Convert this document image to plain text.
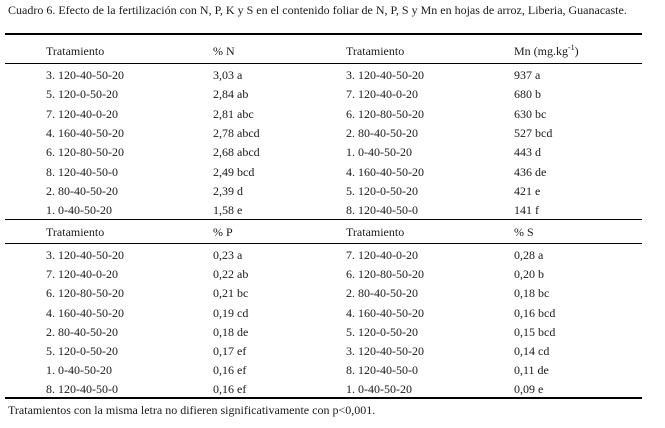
Cuadro 6. Efecto de la fertilización con N, P, K y S en el contenido foliar de N, P, S y Mn en hojas de arroz, Liberia, Guanacaste.
Tratamiento	% N	Tratamiento	Mn $(mg.kg^{-1})$
3. 120-40-50-20	3,03 a	3. 120-40-50-20	937 a
5. 120-0-50-20	2,84 ab	7. 120-40-0-20	680 b
7. 120-40-0-20	2,81 abc	6. 120-80-50-20	630 bc
4. 160-40-50-20	2,78 abcd	2. 80-40-50-20	527 bcd
6. 120-80-50-20	2,68 abcd	1. 0-40-50-20	443 d
8. 120-40-50-0	2,49 bcd	4. 160-40-50-20	436 de
2. 80-40-50-20	2,39 d	5. 120-0-50-20	421 e
1. 0-40-50-20	1,58 e	8. 120-40-50-0	141 f
Tratamiento	% P	Tratamiento	% S
3. 120-40-50-20	0,23 a	7. 120-40-0-20	0,28 a
7. 120-40-0-20	0,22 ab	6. 120-80-50-20	0,20 b
6. 120-80-50-20	0,21 bc	2. 80-40-50-20	0,18 bc
4. 160-40-50-20	0,19 cd	4. 160-40-50-20	0,16 bcd
2. 80-40-50-20	0,18 de	5. 120-0-50-20	0,15 bcd
5. 120-0-50-20	0,17 ef	3. 120-40-50-20	0,14 cd
1. 0-40-50-20	0,16 ef	8. 120-40-50-0	0,11 de
8. 120-40-50-0	0,16 ef	1. 0-40-50-20	0,09 e
Tratamientos con la misma letra no difieren significativamente con p<0,001.
